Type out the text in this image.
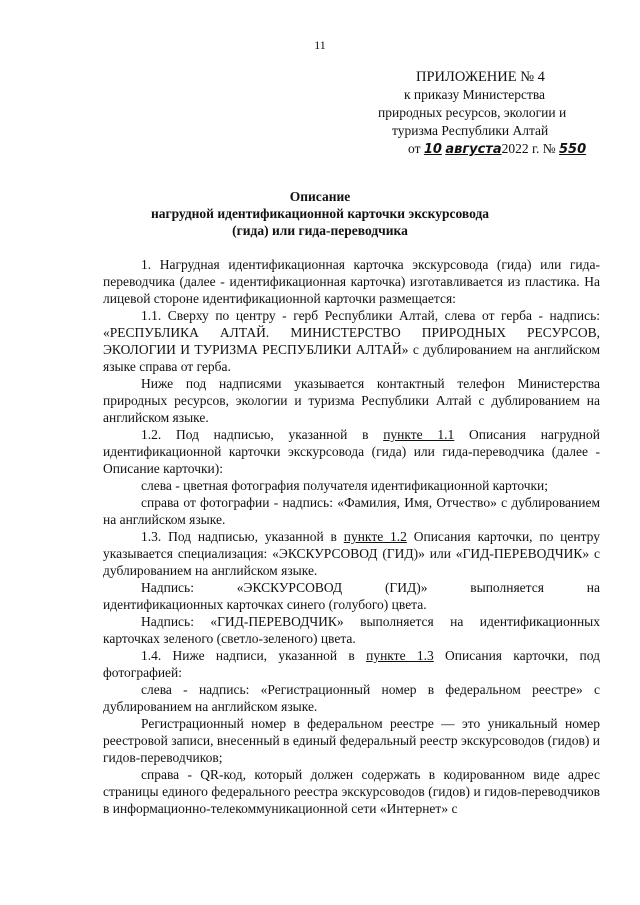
11
ПРИЛОЖЕНИЕ № 4
к приказу Министерства
природных ресурсов, экологии и
туризма Республики Алтай
от 10 августа2022 г. № 550
Описание
нагрудной идентификационной карточки экскурсовода
(гида) или гида-переводчика

1. Нагрудная идентификационная карточка экскурсовода (гида) или гида-переводчика (далее - идентификационная карточка) изготавливается из пластика. На лицевой стороне идентификационной карточки размещается:

1.1. Сверху по центру - герб Республики Алтай, слева от герба - надпись: «РЕСПУБЛИКА АЛТАЙ. МИНИСТЕРСТВО ПРИРОДНЫХ РЕСУРСОВ, ЭКОЛОГИИ И ТУРИЗМА РЕСПУБЛИКИ АЛТАЙ» с дублированием на английском языке справа от герба.

Ниже под надписями указывается контактный телефон Министерства природных ресурсов, экологии и туризма Республики Алтай с дублированием на английском языке.

1.2. Под надписью, указанной в пункте 1.1 Описания нагрудной идентификационной карточки экскурсовода (гида) или гида-переводчика (далее - Описание карточки):

слева - цветная фотография получателя идентификационной карточки;

справа от фотографии - надпись: «Фамилия, Имя, Отчество» с дублированием на английском языке.

1.3. Под надписью, указанной в пункте 1.2 Описания карточки, по центру указывается специализация: «ЭКСКУРСОВОД (ГИД)» или «ГИД-ПЕРЕВОДЧИК» с дублированием на английском языке.

Надпись:	«ЭКСКУРСОВОД	(ГИД)»	выполняется	на

идентификационных карточках синего (голубого) цвета.

Надпись: «ГИД-ПЕРЕВОДЧИК» выполняется на идентификационных карточках зеленого (светло-зеленого) цвета.

1.4. Ниже надписи, указанной в пункте 1.3 Описания карточки, под фотографией:

слева - надпись: «Регистрационный номер в федеральном реестре» с дублированием на английском языке.

Регистрационный номер в федеральном реестре — это уникальный номер реестровой записи, внесенный в единый федеральный реестр экскурсоводов (гидов) и гидов-переводчиков;

справа - QR-код, который должен содержать в кодированном виде адрес страницы единого федерального реестра экскурсоводов (гидов) и гидов-переводчиков в информационно-телекоммуникационной сети «Интернет» с
